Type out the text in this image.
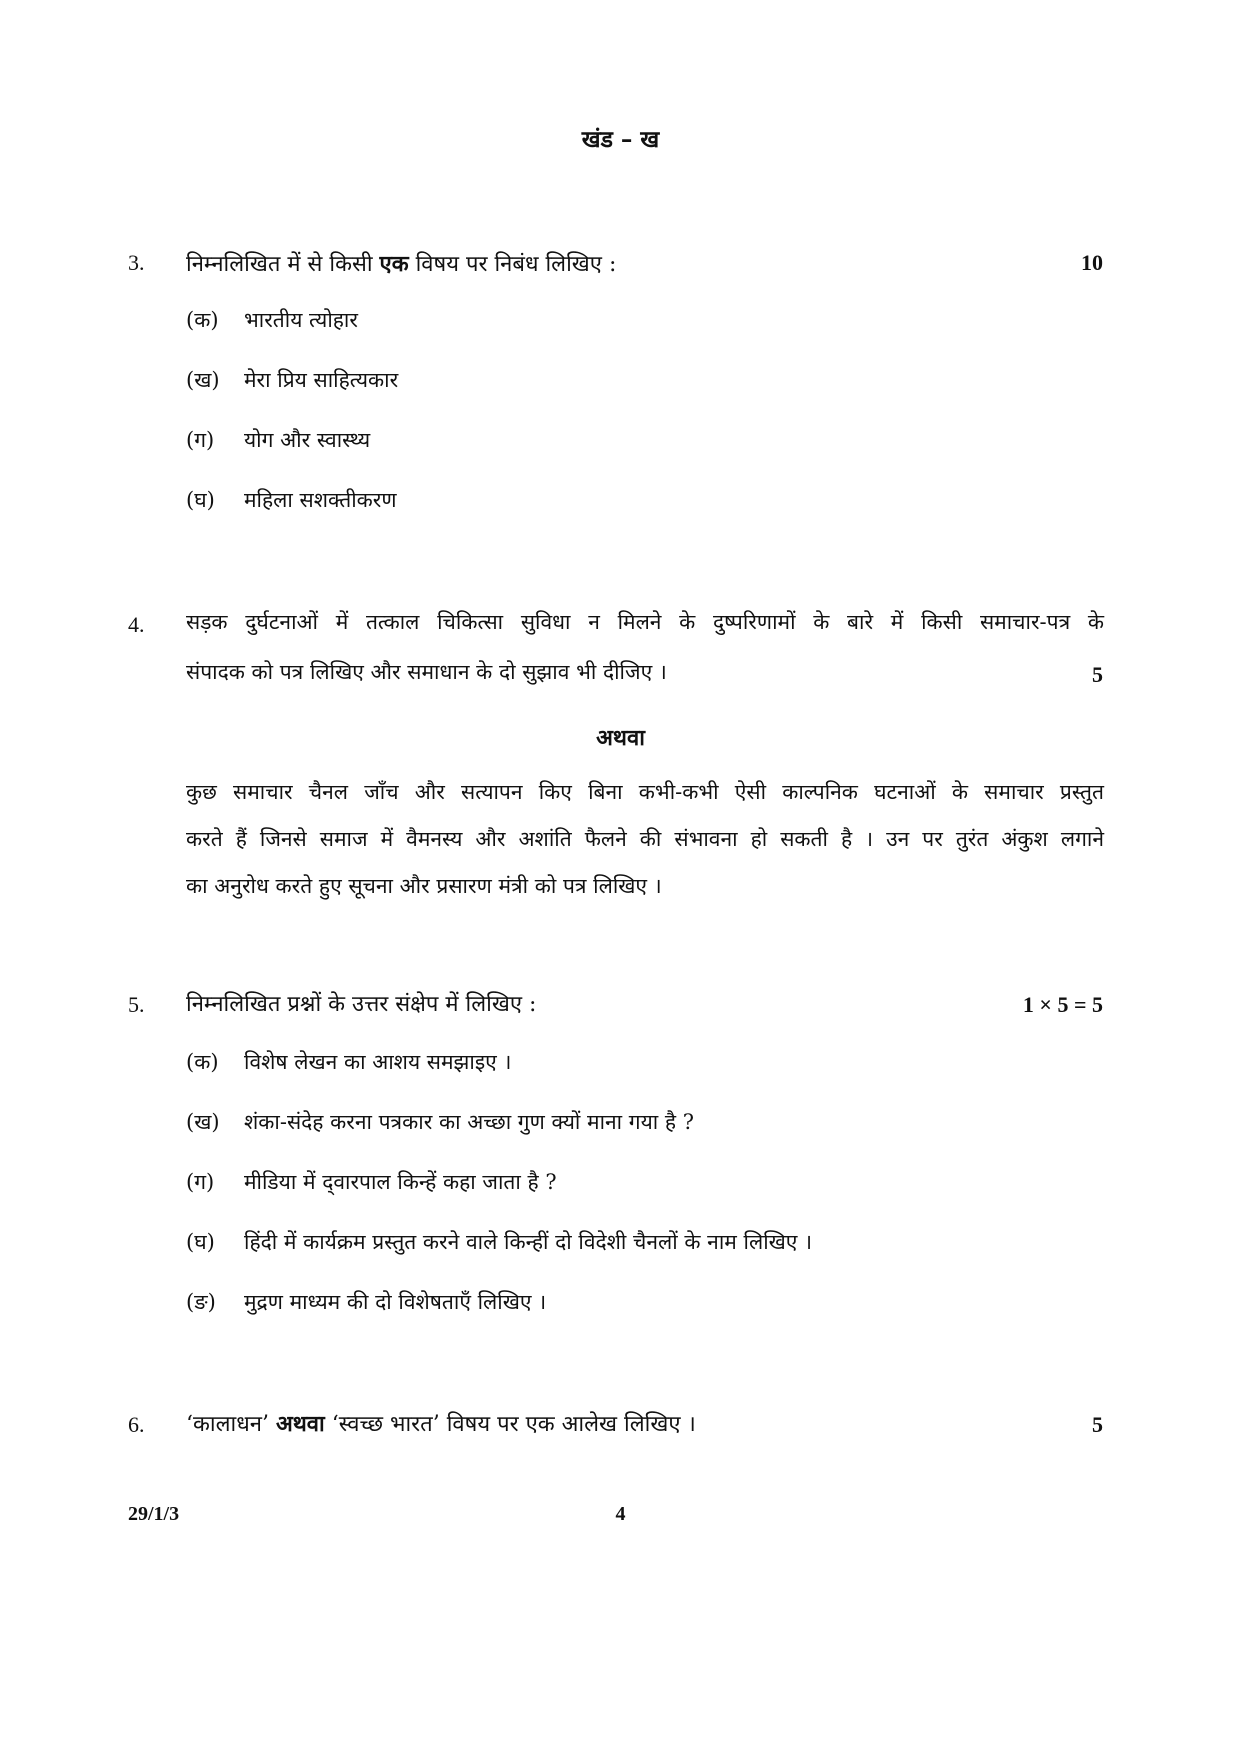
खंड – ख
3. निम्नलिखित में से किसी एक विषय पर निबंध लिखिए :	10
(क) भारतीय त्योहार
(ख) मेरा प्रिय साहित्यकार
(ग) योग और स्वास्थ्य
(घ) महिला सशक्तीकरण
4. सड़क दुर्घटनाओं में तत्काल चिकित्सा सुविधा न मिलने के दुष्परिणामों के बारे में किसी समाचार-पत्र के
संपादक को पत्र लिखिए और समाधान के दो सुझाव भी दीजिए ।	5
अथवा
कुछ समाचार चैनल जाँच और सत्यापन किए बिना कभी-कभी ऐसी काल्पनिक घटनाओं के समाचार प्रस्तुत
करते हैं जिनसे समाज में वैमनस्य और अशांति फैलने की संभावना हो सकती है । उन पर तुरंत अंकुश लगाने
का अनुरोध करते हुए सूचना और प्रसारण मंत्री को पत्र लिखिए ।
5. निम्नलिखित प्रश्नों के उत्तर संक्षेप में लिखिए :	1 × 5 = 5
(क) विशेष लेखन का आशय समझाइए ।
(ख) शंका-संदेह करना पत्रकार का अच्छा गुण क्यों माना गया है ?
(ग) मीडिया में द्‌वारपाल किन्हें कहा जाता है ?
(घ) हिंदी में कार्यक्रम प्रस्तुत करने वाले किन्हीं दो विदेशी चैनलों के नाम लिखिए ।
(ङ) मुद्रण माध्यम की दो विशेषताएँ लिखिए ।
6. ‘कालाधन’ अथवा ‘स्वच्छ भारत’ विषय पर एक आलेख लिखिए ।	5
4
29/1/3
